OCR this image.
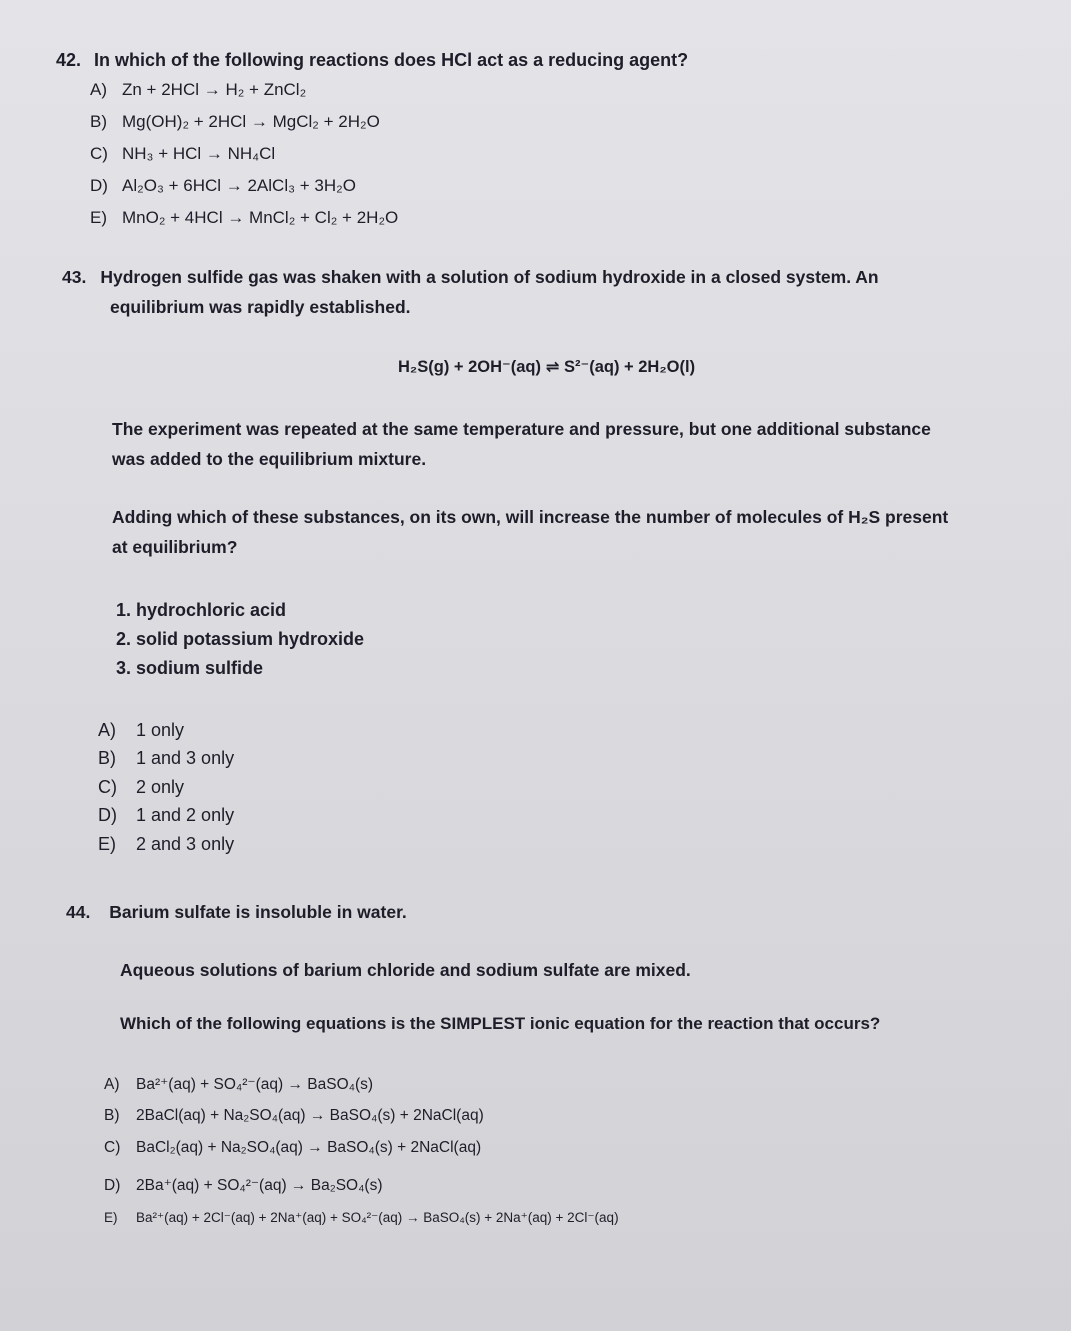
42. In which of the following reactions does HCl act as a reducing agent?
A) Zn + 2HCl → H₂ + ZnCl₂
B) Mg(OH)₂ + 2HCl → MgCl₂ + 2H₂O
C) NH₃ + HCl → NH₄Cl
D) Al₂O₃ + 6HCl → 2AlCl₃ + 3H₂O
E) MnO₂ + 4HCl → MnCl₂ + Cl₂ + 2H₂O
43. Hydrogen sulfide gas was shaken with a solution of sodium hydroxide in a closed system. An
equilibrium was rapidly established.
H₂S(g) + 2OH⁻(aq) ⇌ S²⁻(aq) + 2H₂O(l)
The experiment was repeated at the same temperature and pressure, but one additional substance
was added to the equilibrium mixture.
Adding which of these substances, on its own, will increase the number of molecules of H₂S present
at equilibrium?
1. hydrochloric acid
2. solid potassium hydroxide
3. sodium sulfide
A) 1 only
B) 1 and 3 only
C) 2 only
D) 1 and 2 only
E) 2 and 3 only
44. Barium sulfate is insoluble in water.
Aqueous solutions of barium chloride and sodium sulfate are mixed.
Which of the following equations is the SIMPLEST ionic equation for the reaction that occurs?
A) Ba²⁺(aq) + SO₄²⁻(aq) → BaSO₄(s)
B) 2BaCl(aq) + Na₂SO₄(aq) → BaSO₄(s) + 2NaCl(aq)
C) BaCl₂(aq) + Na₂SO₄(aq) → BaSO₄(s) + 2NaCl(aq)
D) 2Ba⁺(aq) + SO₄²⁻(aq) → Ba₂SO₄(s)
E) Ba²⁺(aq) + 2Cl⁻(aq) + 2Na⁺(aq) + SO₄²⁻(aq) → BaSO₄(s) + 2Na⁺(aq) + 2Cl⁻(aq)
